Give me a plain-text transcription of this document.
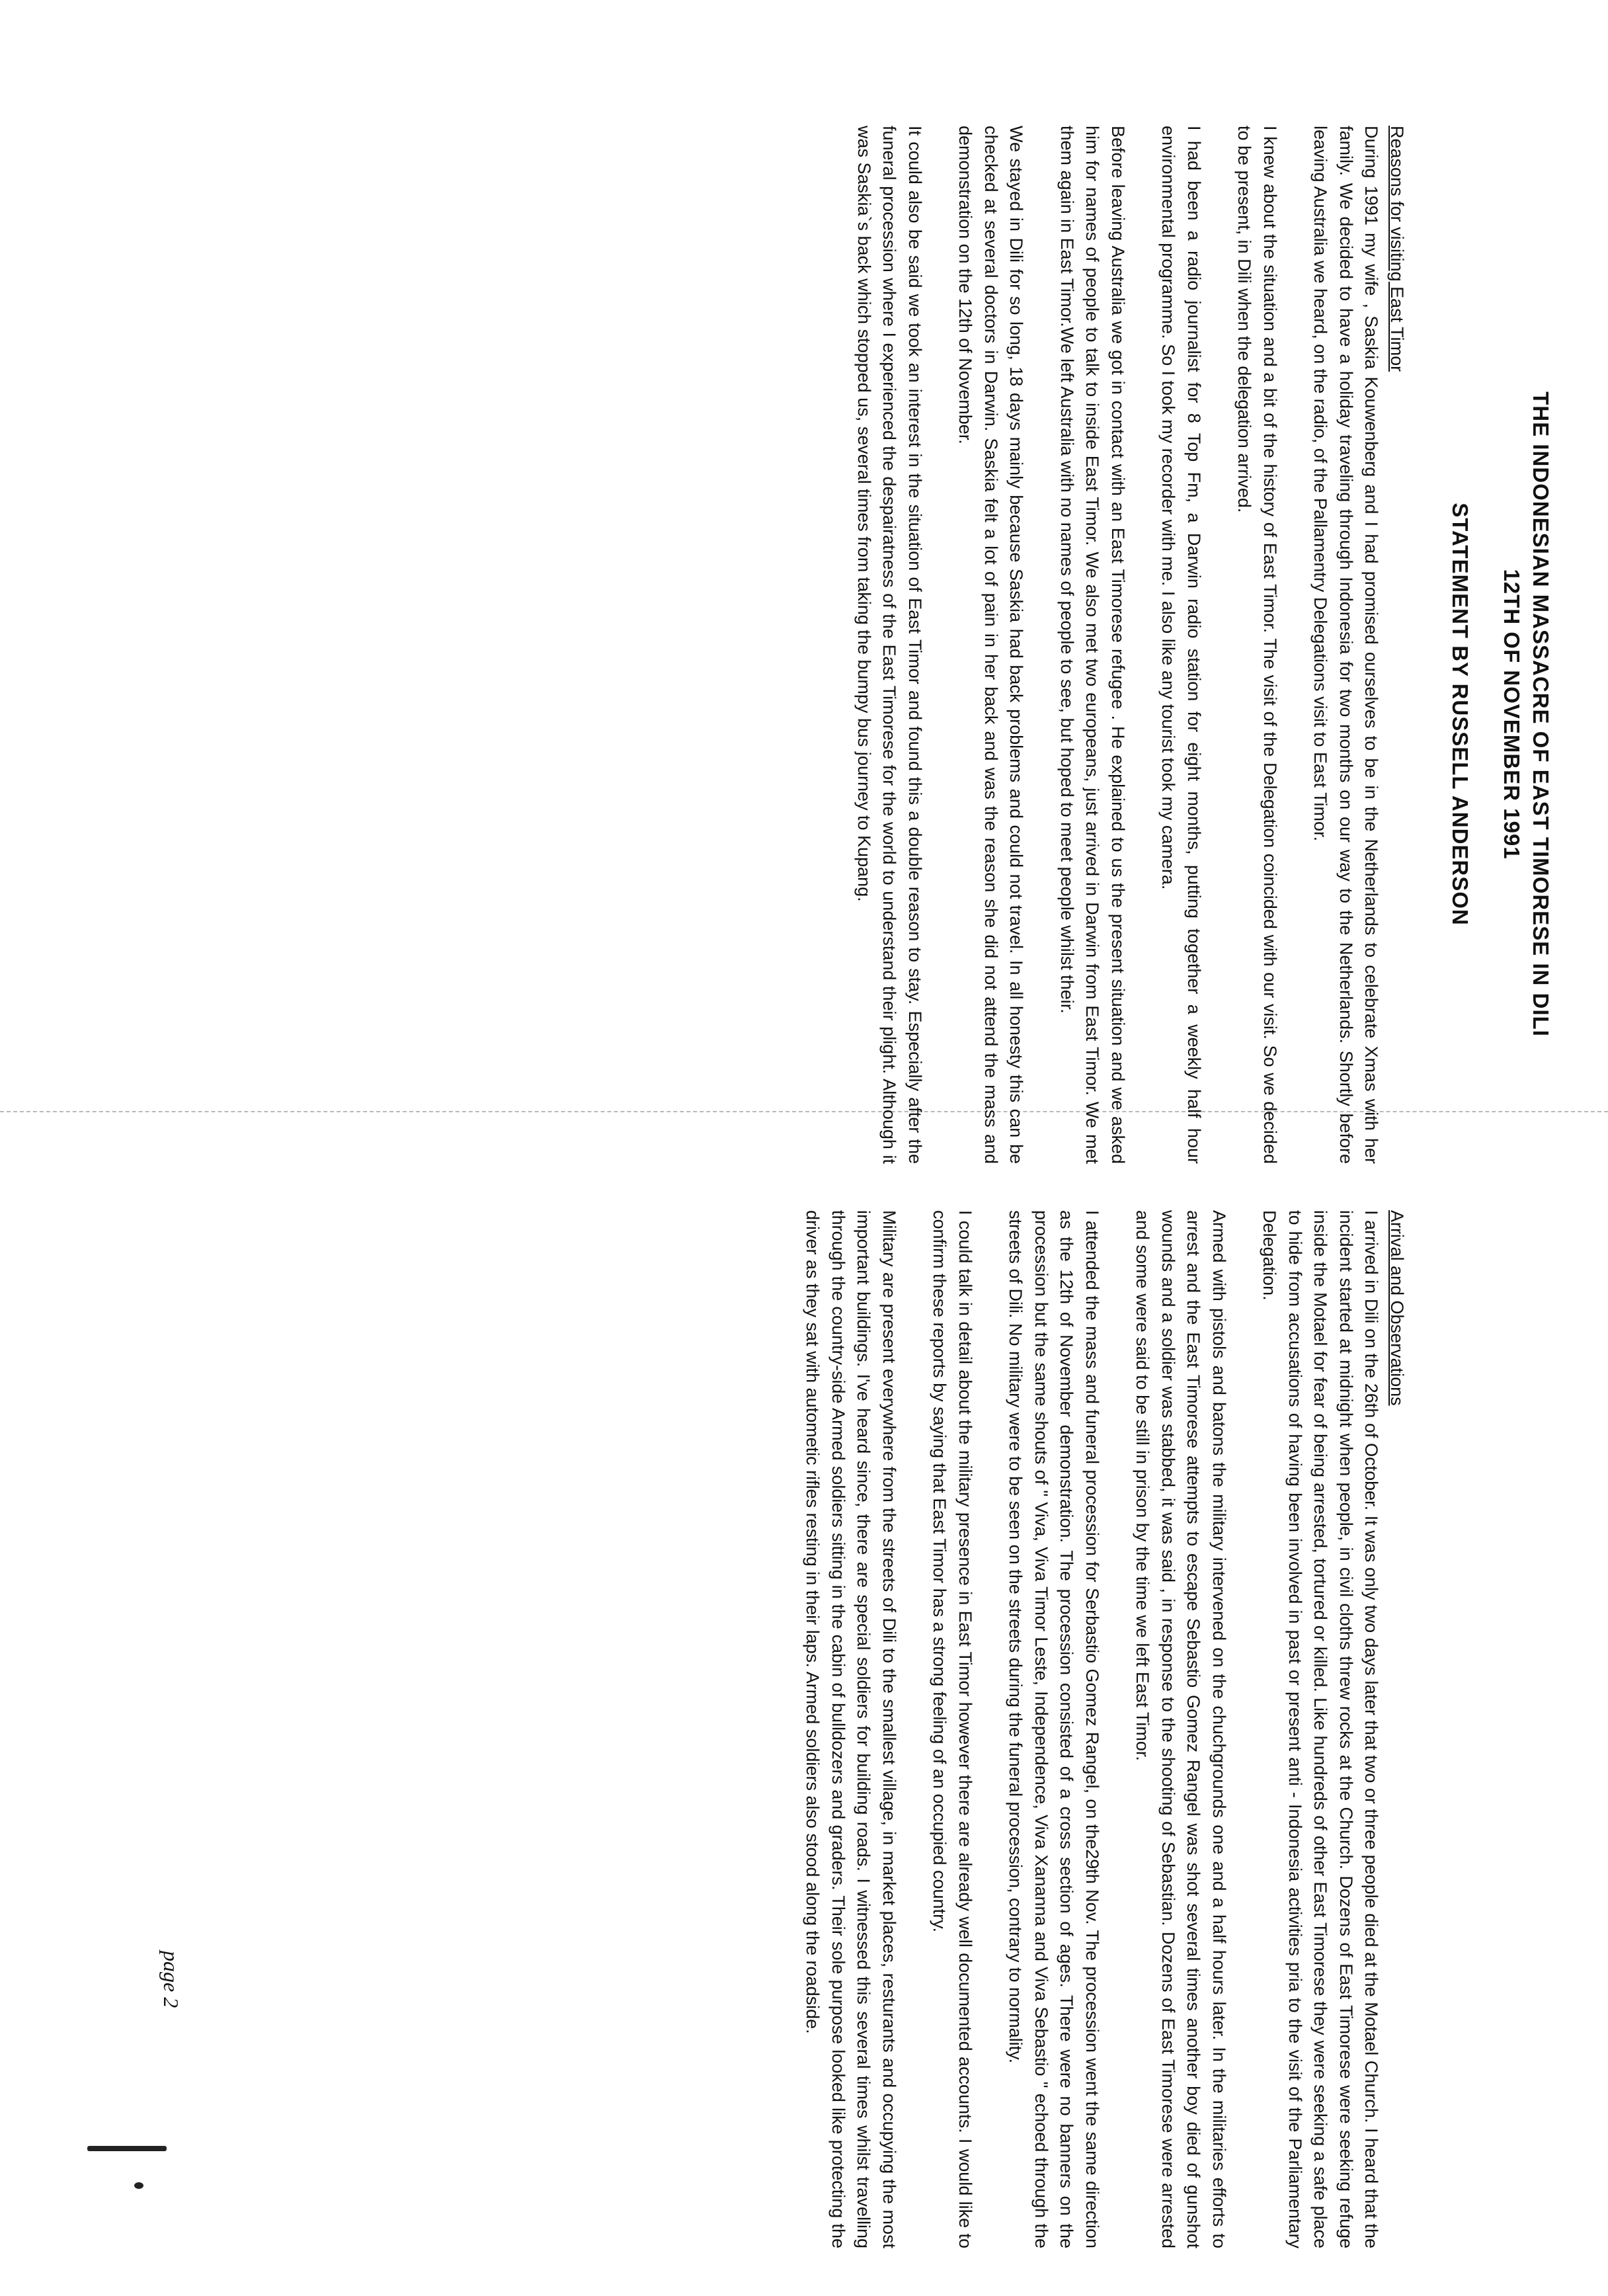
THE INDONESIAN MASSACRE OF EAST TIMORESE IN DILI
12TH OF NOVEMBER 1991
STATEMENT BY RUSSELL ANDERSON
Reasons for visiting East Timor

During 1991 my wife , Saskia Kouwenberg and I had promised ourselves to be in the Netherlands to celebrate Xmas with her family. We decided to have a holiday traveling through Indonesia for two months on our way to the Netherlands. Shortly before leaving Australia we heard, on the radio, of the Pallamentry Delegations visit to East Timor.

I knew about the situation and a bit of the history of East Timor. The visit of the Delegation coincided with our visit. So we decided to be present, in Dili when the delegation arrived.

I had been a radio journalist for 8 Top Fm, a Darwin radio station for eight months, putting together a weekly half hour environmental programme. So I took my recorder with me. I also like any tourist took my camera.

Before leaving Australia we got in contact with an East Timorese refugee . He explained to us the present situation and we asked him for names of people to talk to inside East Timor. We also met two europeans, just arrived in Darwin from East Timor. We met them again in East Timor.We left Australia with no names of people to see, but hoped to meet people whilst their.

We stayed in Dili for so long, 18 days mainly because Saskia had back problems and could not travel. In all honesty this can be checked at several doctors in Darwin. Saskia felt a lot of pain in her back and was the reason she did not attend the mass and demonstration on the 12th of November.

It could also be said we took an interest in the situation of East Timor and found this a double reason to stay. Especially after the funeral procession where I experienced the despairatness of the East Timorese for the world to understand their plight. Although it was Saskia`s back which stopped us, several times from taking the bumpy bus journey to Kupang.

Arrival and Observations

I arrived in Dili on the 26th of October. It was only two days later that two or three people died at the Motael Church. I heard that the incident started at midnight when people, in civil cloths threw rocks at the Church. Dozens of East Timorese were seeking refuge inside the Motael for fear of being arrested, tortured or killed. Like hundreds of other East Timorese they were seeking a safe place to hide from accusations of having been involved in past or present anti - Indonesia activities pria to the visit of the Parliamentary Delegation.

Armed with pistols and batons the military intervened on the chuchgrounds one and a half hours later. In the militaries efforts to arrest and the East Timorese attempts to escape Sebastio Gomez Rangel was shot several times another boy died of gunshot wounds and a soldier was stabbed, it was said , in response to the shooting of Sebastian. Dozens of East Timorese were arrested and some were said to be still in prison by the time we left East Timor.

I attended the mass and funeral procession for Serbastio Gomez Rangel, on the29th Nov. The procession went the same direction as the 12th of November demonstration. The procession consisted of a cross section of ages. There were no banners on the procession but the same shouts of " Viva, Viva Timor Leste, Independence, Viva Xananna and Viva Sebastio " echoed through the streets of Dili. No military were to be seen on the streets during the funeral procession, contrary to normality.

I could talk in detail about the military presence in East Timor however there are already well documented accounts. I would like to confirm these reports by saying that East Timor has a strong feeling of an occupied country.

Military are present everywhere from the streets of Dili to the smallest village, in market places, resturants and occupying the most important buildings. I've heard since, there are special soldiers for building roads. I witnessed this several times whilst travelling through the country-side Armed soldiers sitting in the cabin of bulldozers and graders. Their sole purpose looked like protecting the driver as they sat with autometic rifles resting in their laps. Armed soldiers also stood along the roadside.

page 2
